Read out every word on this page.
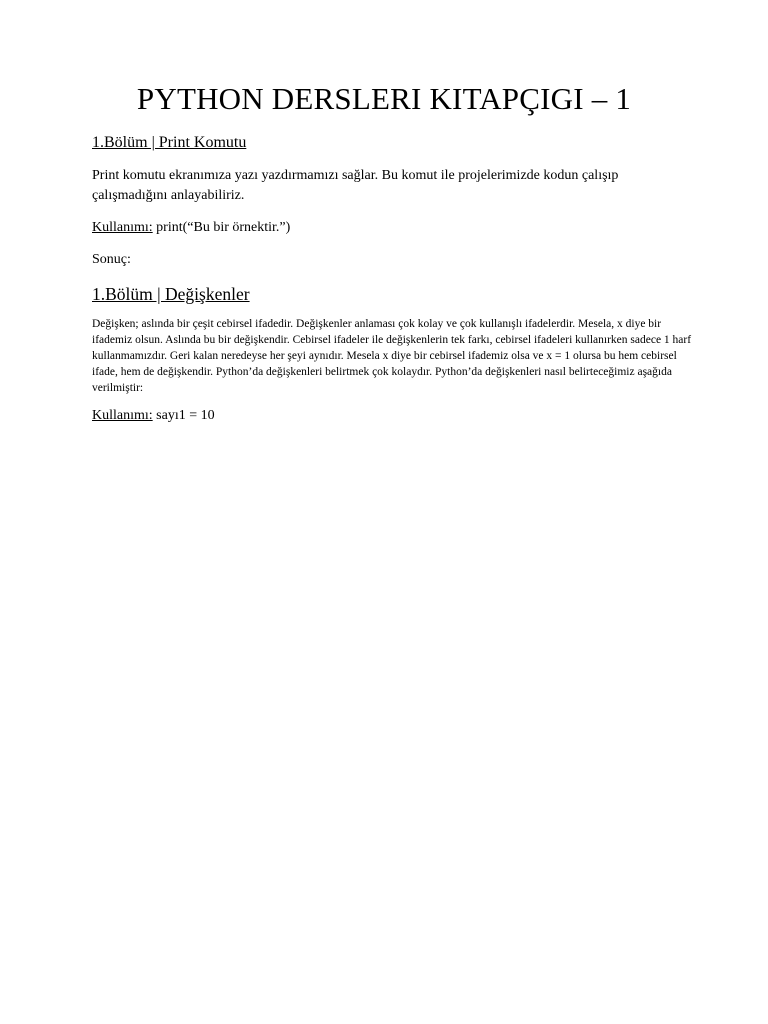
PYTHON DERSLERI KITAPÇIGI – 1
1.Bölüm | Print Komutu

Print komutu ekranımıza yazı yazdırmamızı sağlar. Bu komut ile projelerimizde kodun çalışıp çalışmadığını anlayabiliriz.

Kullanımı: print(“Bu bir örnektir.”)

Sonuç:

1.Bölüm | Değişkenler

Değişken; aslında bir çeşit cebirsel ifadedir. Değişkenler anlaması çok kolay ve çok kullanışlı ifadelerdir. Mesela, x diye bir ifademiz olsun. Aslında bu bir değişkendir. Cebirsel ifadeler ile değişkenlerin tek farkı, cebirsel ifadeleri kullanırken sadece 1 harf kullanmamızdır. Geri kalan neredeyse her şeyi aynıdır. Mesela x diye bir cebirsel ifademiz olsa ve x = 1 olursa bu hem cebirsel ifade, hem de değişkendir. Python’da değişkenleri belirtmek çok kolaydır. Python’da değişkenleri nasıl belirteceğimiz aşağıda verilmiştir:

Kullanımı: sayı1 = 10
